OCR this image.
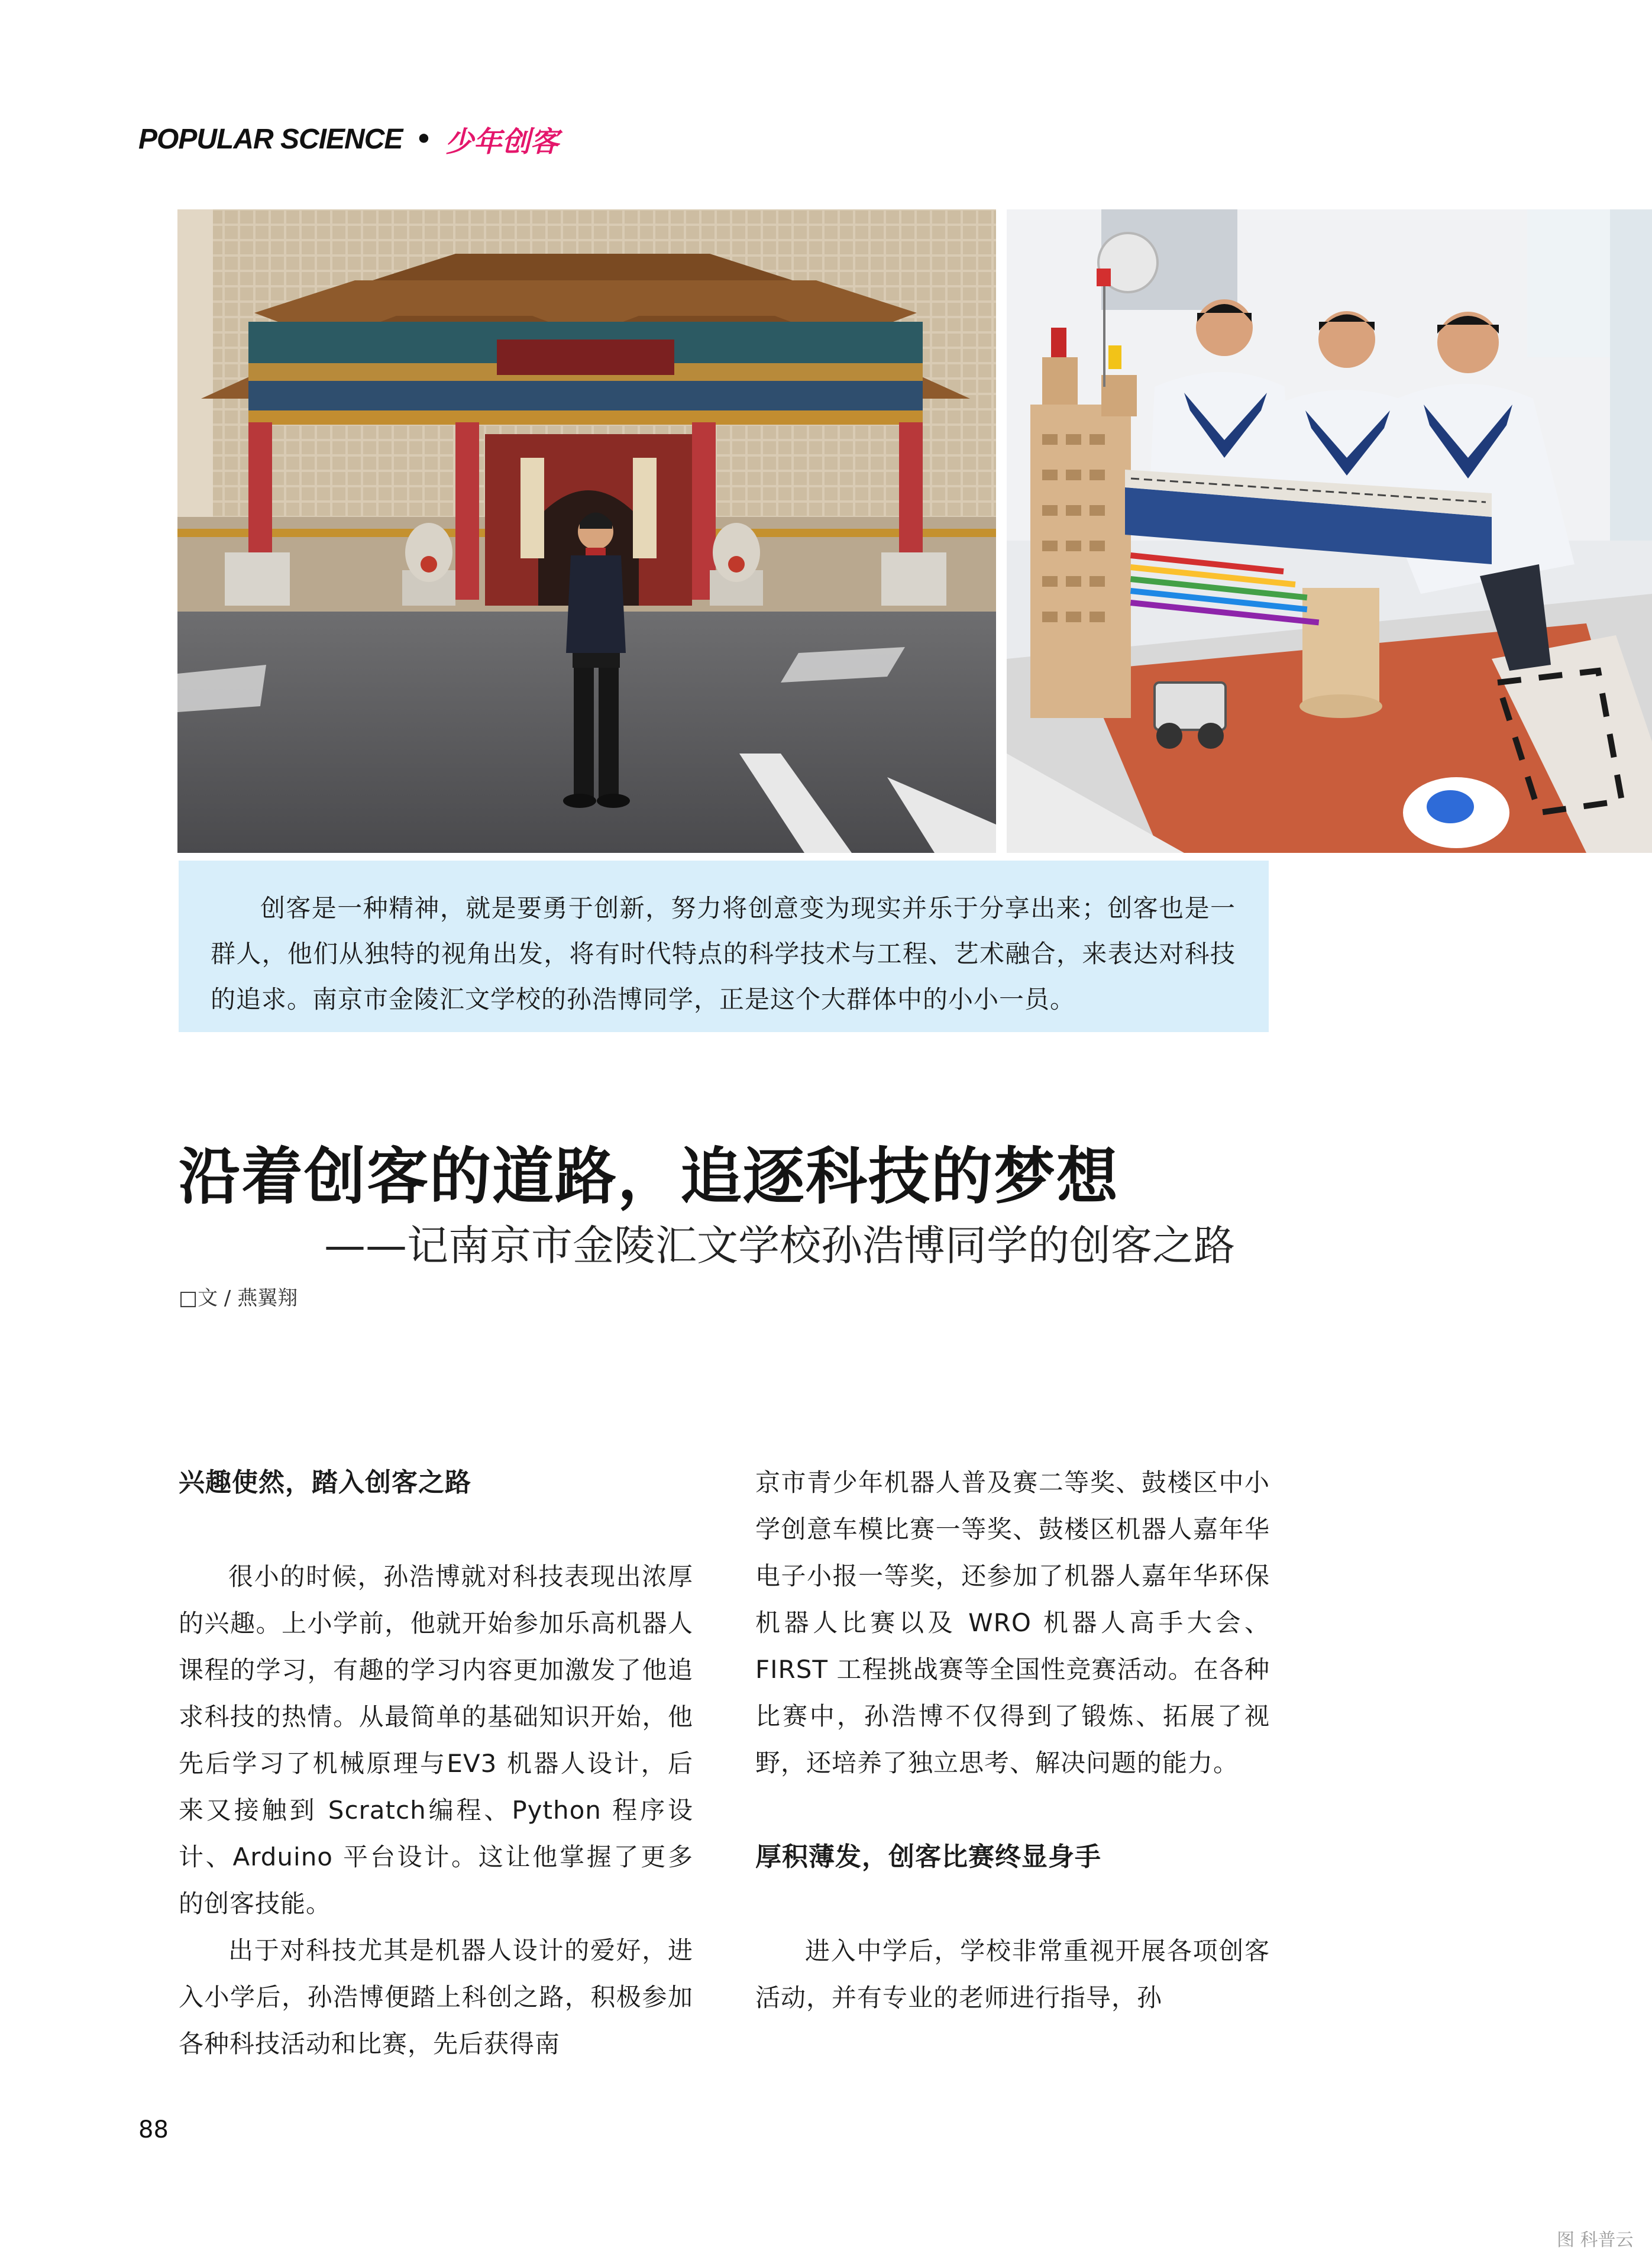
POPULAR SCIENCE • 少年创客

创客是一种精神，就是要勇于创新，努力将创意变为现实并乐于分享出来；创客也是一群人，他们从独特的视角出发，将有时代特点的科学技术与工程、艺术融合，来表达对科技的追求。南京市金陵汇文学校的孙浩博同学，正是这个大群体中的小小一员。

沿着创客的道路，追逐科技的梦想
——记南京市金陵汇文学校孙浩博同学的创客之路
□文 / 燕翼翔
兴趣使然，踏入创客之路

很小的时候，孙浩博就对科技表现出浓厚的兴趣。上小学前，他就开始参加乐高机器人课程的学习，有趣的学习内容更加激发了他追求科技的热情。从最简单的基础知识开始，他先后学习了机械原理与EV3 机器人设计，后来又接触到 Scratch编程、Python 程序设计、Arduino 平台设计。这让他掌握了更多的创客技能。

出于对科技尤其是机器人设计的爱好，进入小学后，孙浩博便踏上科创之路，积极参加各种科技活动和比赛，先后获得南

京市青少年机器人普及赛二等奖、鼓楼区中小学创意车模比赛一等奖、鼓楼区机器人嘉年华电子小报一等奖，还参加了机器人嘉年华环保机器人比赛以及 WRO 机器人高手大会、FIRST 工程挑战赛等全国性竞赛活动。在各种比赛中，孙浩博不仅得到了锻炼、拓展了视野，还培养了独立思考、解决问题的能力。

厚积薄发，创客比赛终显身手

进入中学后，学校非常重视开展各项创客活动，并有专业的老师进行指导，孙

88
图 科普云
